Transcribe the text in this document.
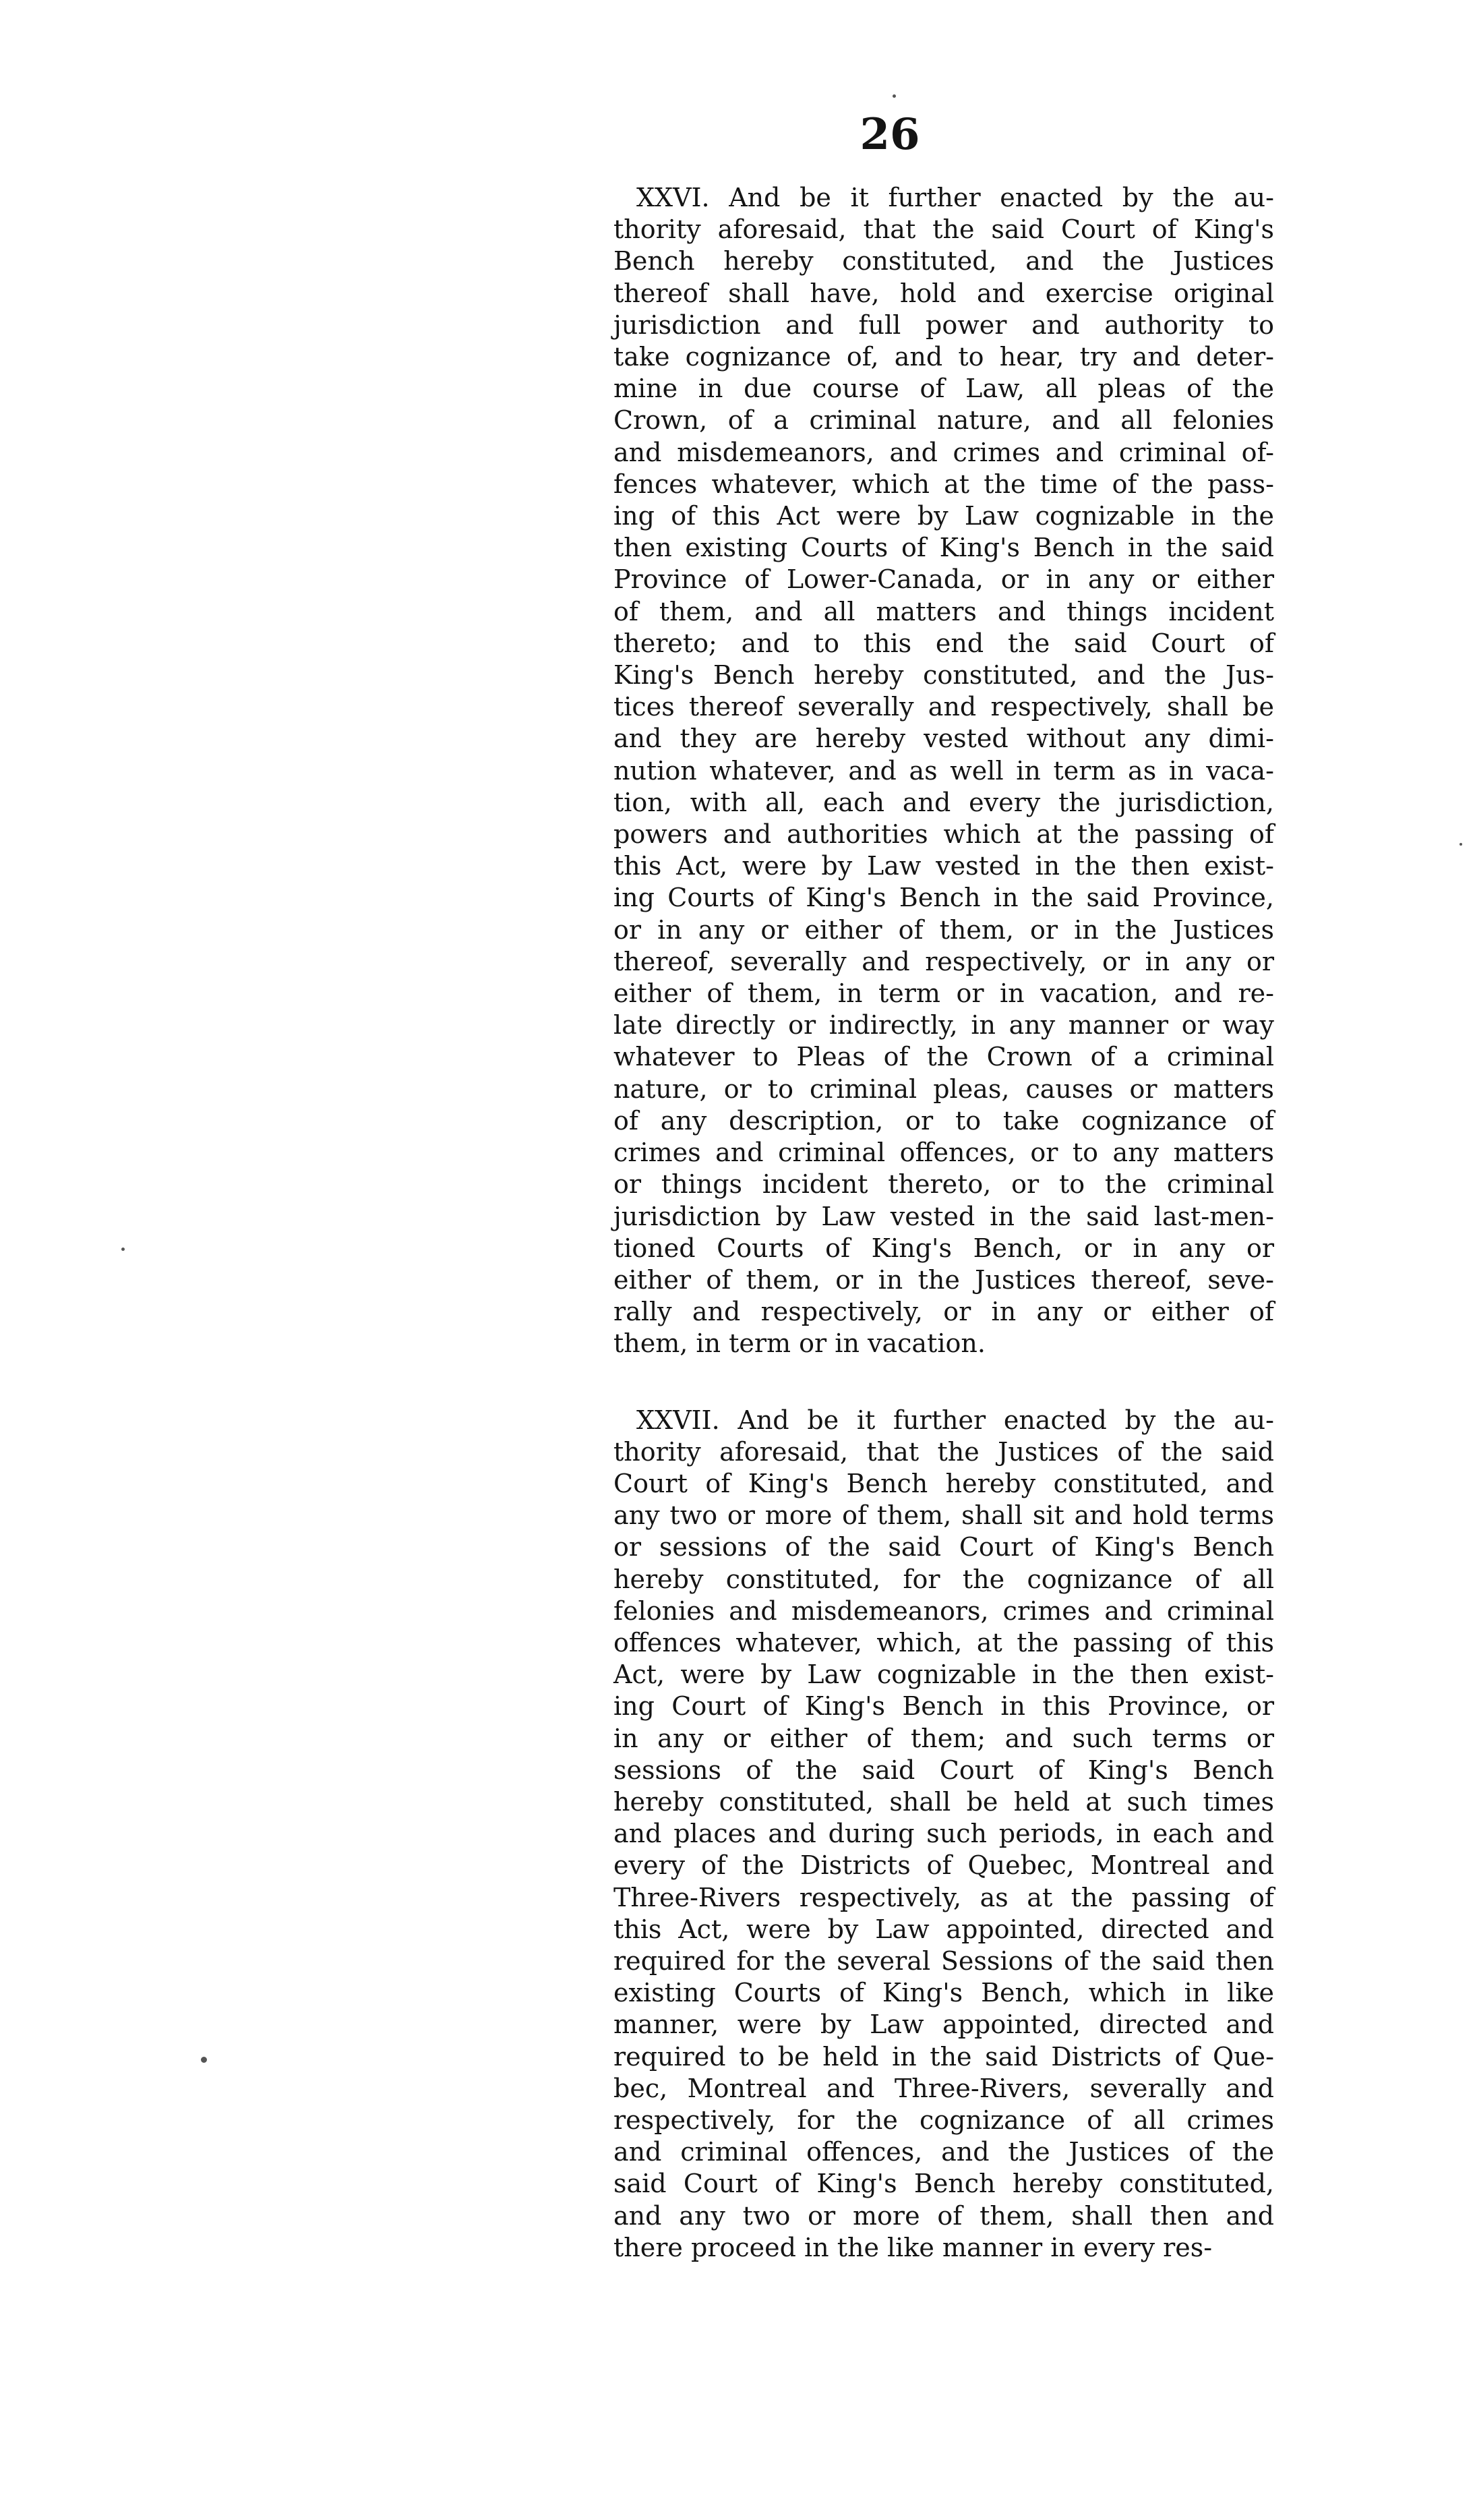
26
XXVI. And be it further enacted by the au-
thority aforesaid, that the said Court of King's
Bench hereby constituted, and the Justices
thereof shall have, hold and exercise original
jurisdiction and full power and authority to
take cognizance of, and to hear, try and deter-
mine in due course of Law, all pleas of the
Crown, of a criminal nature, and all felonies
and misdemeanors, and crimes and criminal of-
fences whatever, which at the time of the pass-
ing of this Act were by Law cognizable in the
then existing Courts of King's Bench in the said
Province of Lower-Canada, or in any or either
of them, and all matters and things incident
thereto; and to this end the said Court of
King's Bench hereby constituted, and the Jus-
tices thereof severally and respectively, shall be
and they are hereby vested without any dimi-
nution whatever, and as well in term as in vaca-
tion, with all, each and every the jurisdiction,
powers and authorities which at the passing of
this Act, were by Law vested in the then exist-
ing Courts of King's Bench in the said Province,
or in any or either of them, or in the Justices
thereof, severally and respectively, or in any or
either of them, in term or in vacation, and re-
late directly or indirectly, in any manner or way
whatever to Pleas of the Crown of a criminal
nature, or to criminal pleas, causes or matters
of any description, or to take cognizance of
crimes and criminal offences, or to any matters
or things incident thereto, or to the criminal
jurisdiction by Law vested in the said last-men-
tioned Courts of King's Bench, or in any or
either of them, or in the Justices thereof, seve-
rally and respectively, or in any or either of
them, in term or in vacation.
XXVII. And be it further enacted by the au-
thority aforesaid, that the Justices of the said
Court of King's Bench hereby constituted, and
any two or more of them, shall sit and hold terms
or sessions of the said Court of King's Bench
hereby constituted, for the cognizance of all
felonies and misdemeanors, crimes and criminal
offences whatever, which, at the passing of this
Act, were by Law cognizable in the then exist-
ing Court of King's Bench in this Province, or
in any or either of them; and such terms or
sessions of the said Court of King's Bench
hereby constituted, shall be held at such times
and places and during such periods, in each and
every of the Districts of Quebec, Montreal and
Three-Rivers respectively, as at the passing of
this Act, were by Law appointed, directed and
required for the several Sessions of the said then
existing Courts of King's Bench, which in like
manner, were by Law appointed, directed and
required to be held in the said Districts of Que-
bec, Montreal and Three-Rivers, severally and
respectively, for the cognizance of all crimes
and criminal offences, and the Justices of the
said Court of King's Bench hereby constituted,
and any two or more of them, shall then and
there proceed in the like manner in every res-
